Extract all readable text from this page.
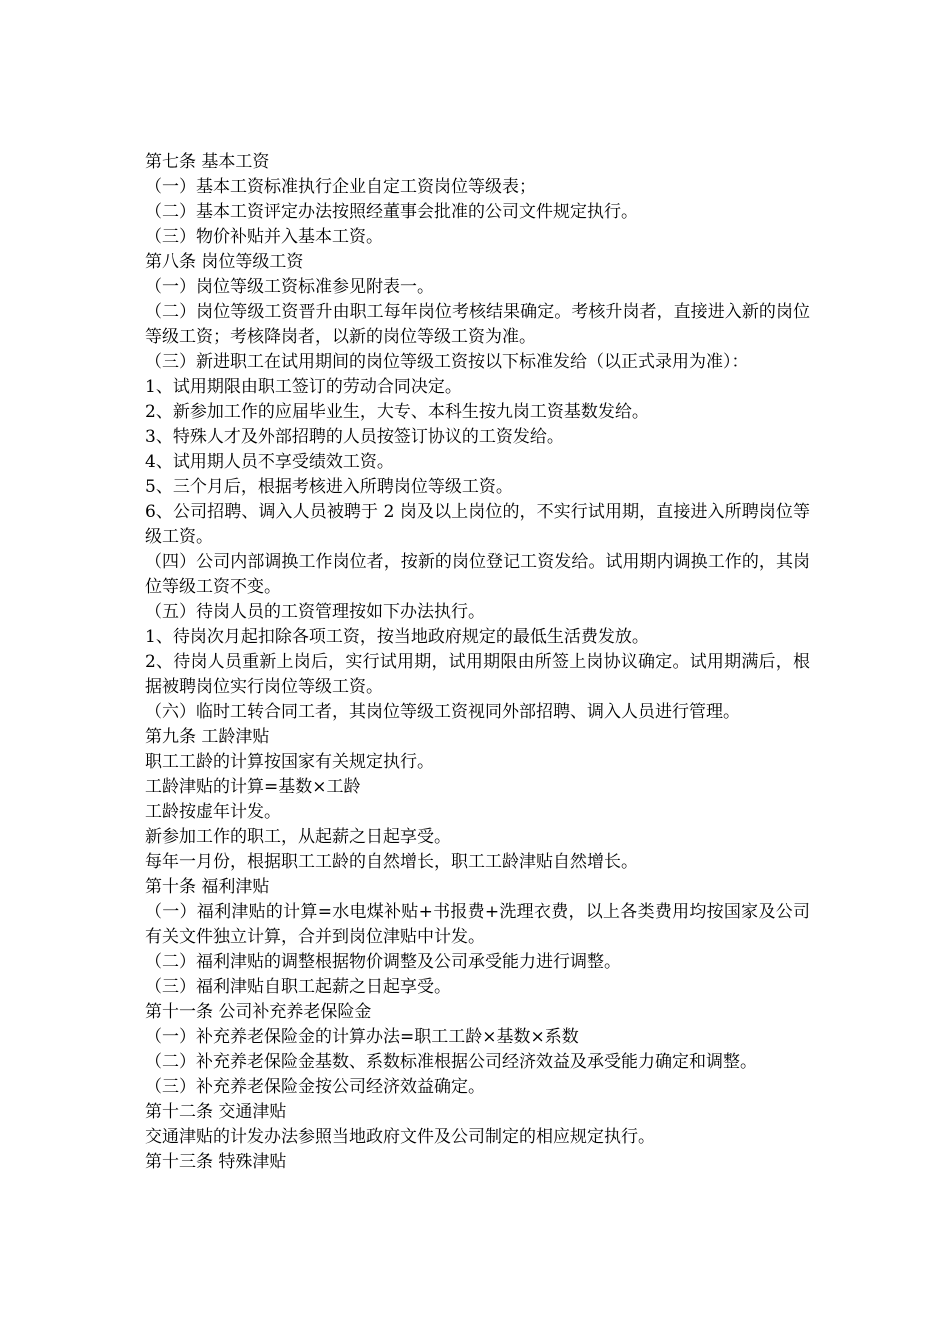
第七条 基本工资

（一）基本工资标准执行企业自定工资岗位等级表；

（二）基本工资评定办法按照经董事会批准的公司文件规定执行。

（三）物价补贴并入基本工资。

第八条 岗位等级工资

（一）岗位等级工资标准参见附表一。

（二）岗位等级工资晋升由职工每年岗位考核结果确定。考核升岗者，直接进入新的岗位等级工资；考核降岗者，以新的岗位等级工资为准。

（三）新进职工在试用期间的岗位等级工资按以下标准发给（以正式录用为准）：

1、试用期限由职工签订的劳动合同决定。

2、新参加工作的应届毕业生，大专、本科生按九岗工资基数发给。

3、特殊人才及外部招聘的人员按签订协议的工资发给。

4、试用期人员不享受绩效工资。

5、三个月后，根据考核进入所聘岗位等级工资。

6、公司招聘、调入人员被聘于 2 岗及以上岗位的，不实行试用期，直接进入所聘岗位等级工资。

（四）公司内部调换工作岗位者，按新的岗位登记工资发给。试用期内调换工作的，其岗位等级工资不变。

（五）待岗人员的工资管理按如下办法执行。

1、待岗次月起扣除各项工资，按当地政府规定的最低生活费发放。

2、待岗人员重新上岗后，实行试用期，试用期限由所签上岗协议确定。试用期满后，根据被聘岗位实行岗位等级工资。

（六）临时工转合同工者，其岗位等级工资视同外部招聘、调入人员进行管理。

第九条 工龄津贴

职工工龄的计算按国家有关规定执行。

工龄津贴的计算=基数×工龄

工龄按虚年计发。

新参加工作的职工，从起薪之日起享受。

每年一月份，根据职工工龄的自然增长，职工工龄津贴自然增长。

第十条 福利津贴

（一）福利津贴的计算=水电煤补贴+书报费+洗理衣费，以上各类费用均按国家及公司有关文件独立计算，合并到岗位津贴中计发。

（二）福利津贴的调整根据物价调整及公司承受能力进行调整。

（三）福利津贴自职工起薪之日起享受。

第十一条 公司补充养老保险金

（一）补充养老保险金的计算办法=职工工龄×基数×系数

（二）补充养老保险金基数、系数标准根据公司经济效益及承受能力确定和调整。

（三）补充养老保险金按公司经济效益确定。

第十二条 交通津贴

交通津贴的计发办法参照当地政府文件及公司制定的相应规定执行。

第十三条 特殊津贴
